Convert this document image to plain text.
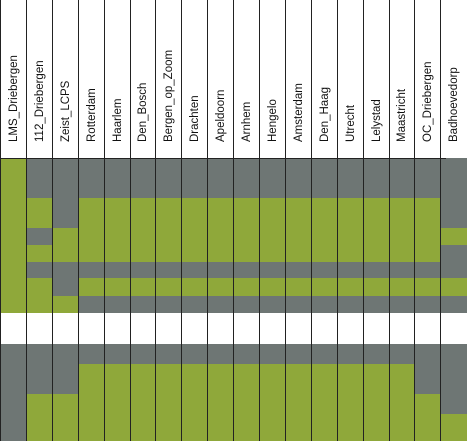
LMS_Driebergen 112_Driebergen Zeist_LCPS Rotterdam Haarlem Den_Bosch Bergen_op_Zoom Drachten Apeldoorn Arnhem Hengelo Amsterdam Den_Haag Utrecht Lelystad Maastricht OC_Driebergen Badhoevedorp
